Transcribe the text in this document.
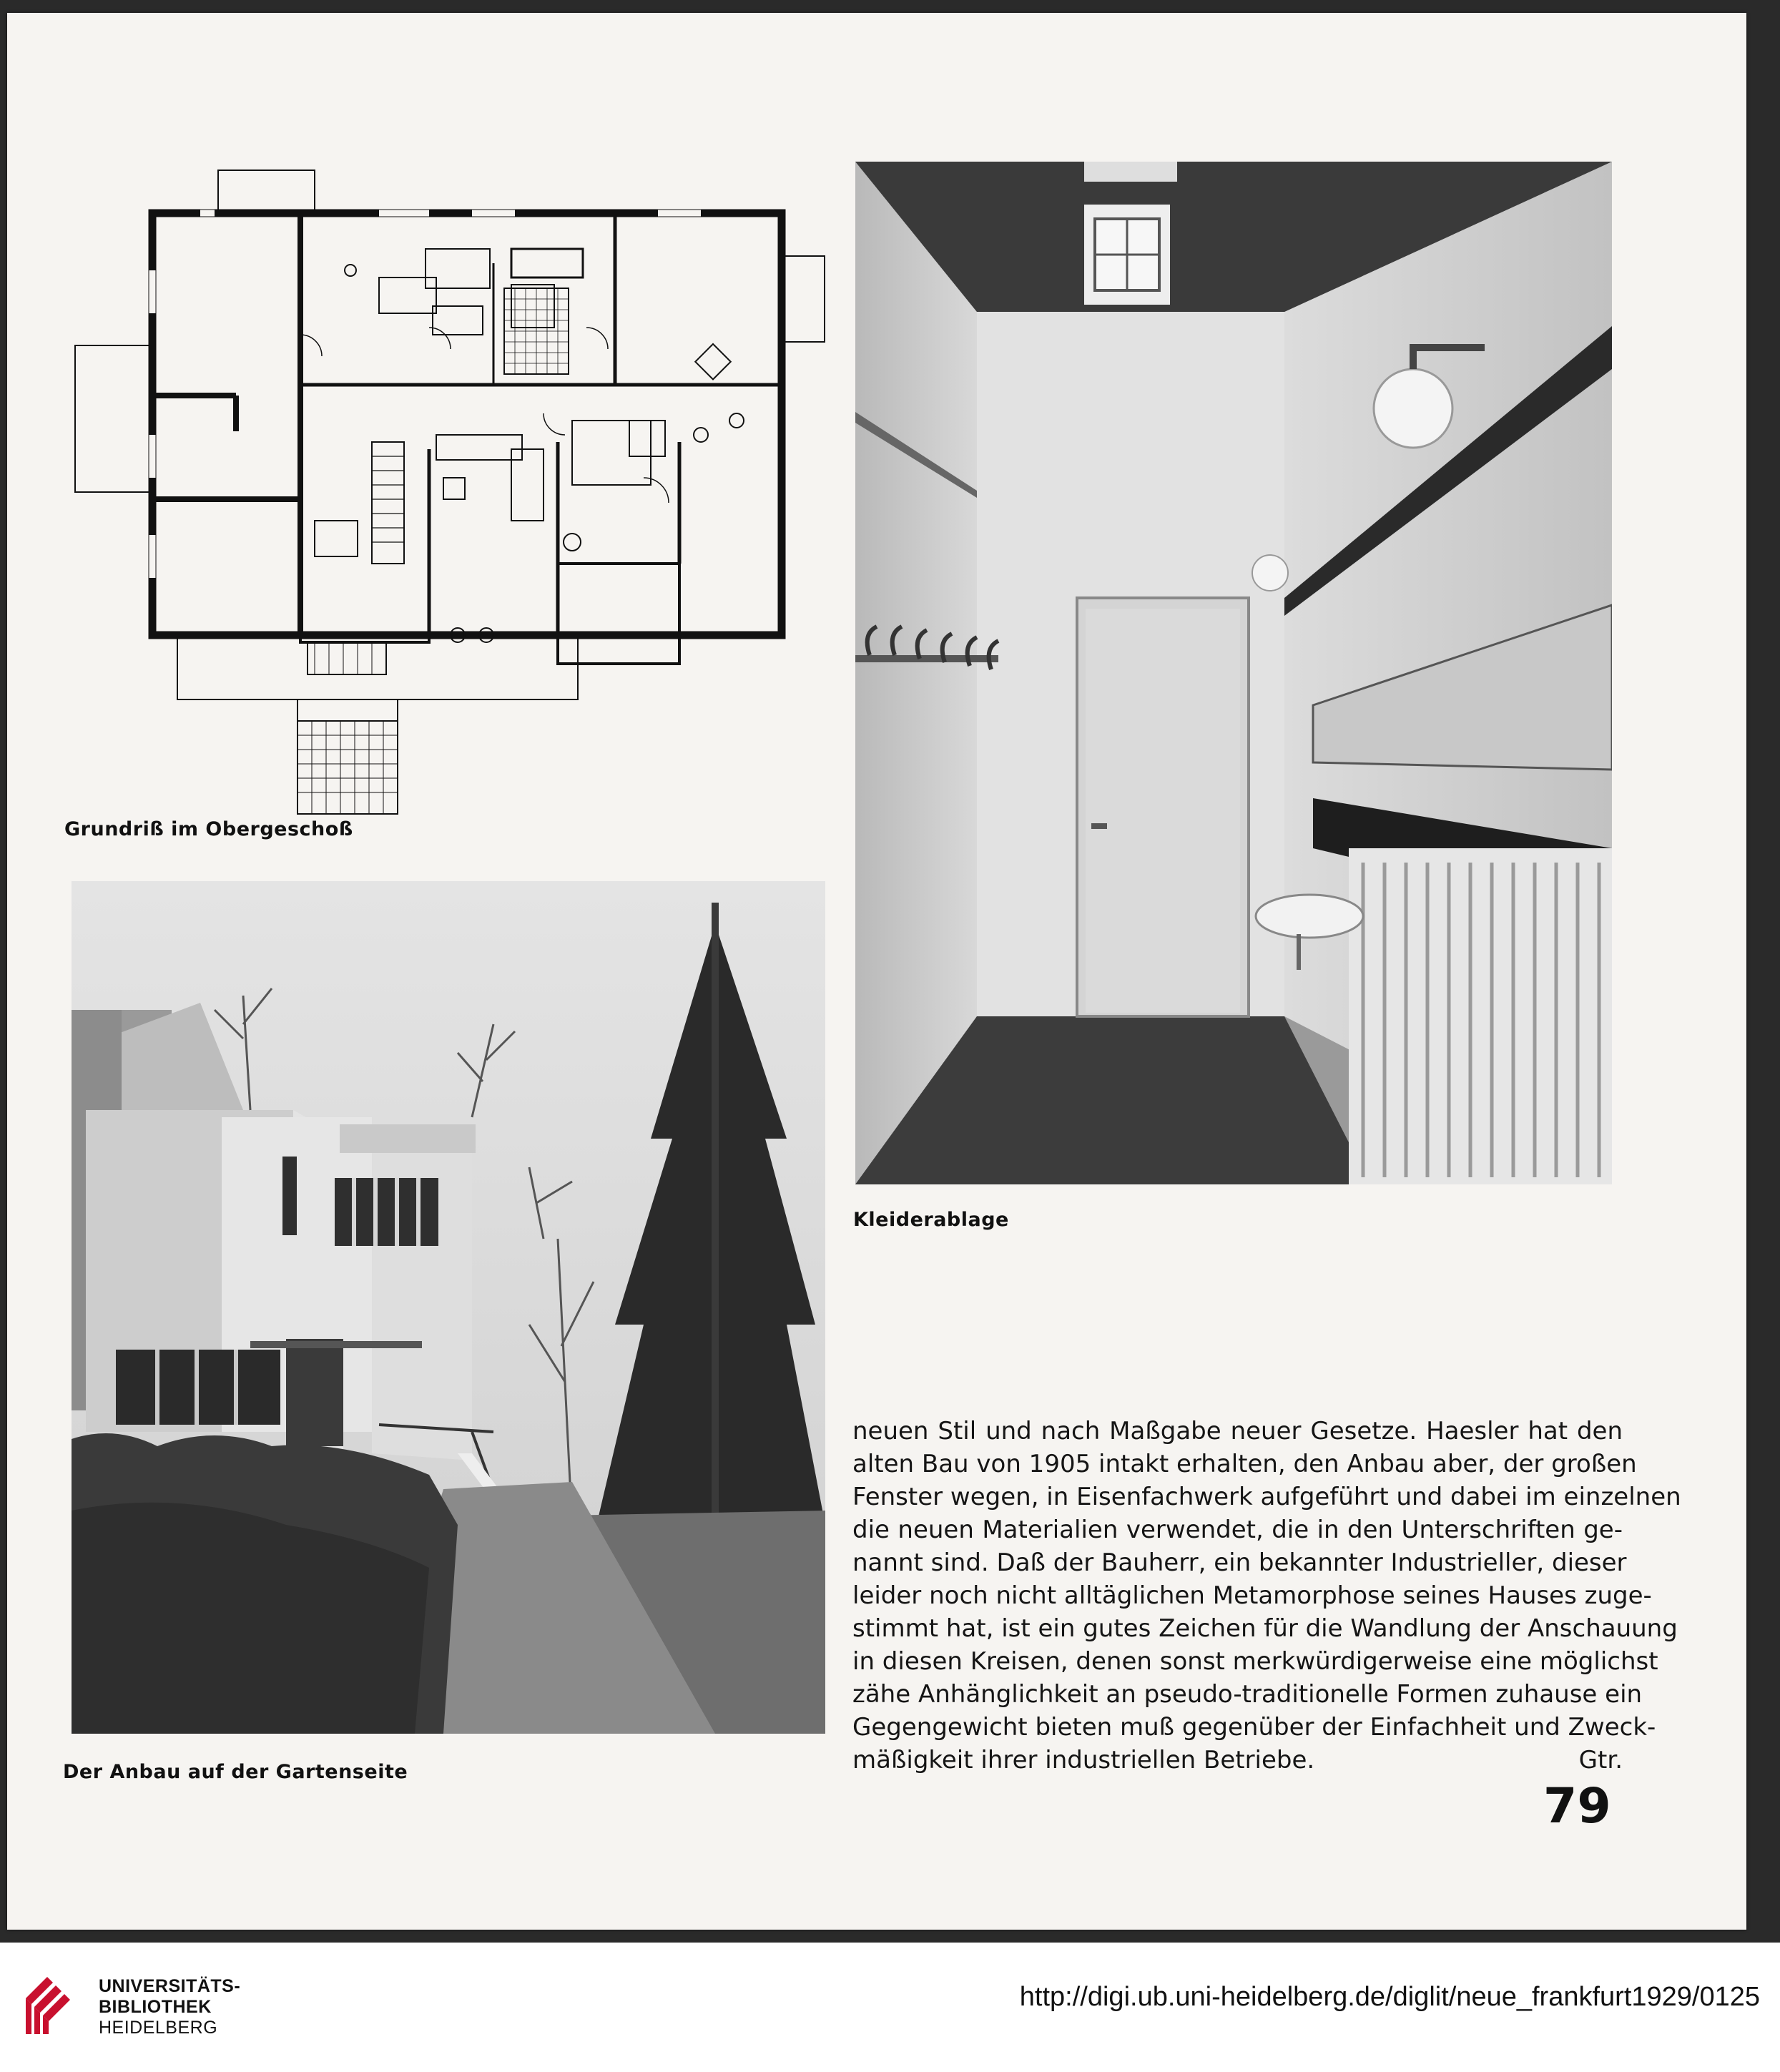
Grundriß im Obergeschoß
Kleiderablage
Der Anbau auf der Gartenseite
neuen Stil und nach Maßgabe neuer Gesetze. Haesler hat den
alten Bau von 1905 intakt erhalten, den Anbau aber, der großen
Fenster wegen, in Eisenfachwerk aufgeführt und dabei im einzelnen
die neuen Materialien verwendet, die in den Unterschriften ge-
nannt sind. Daß der Bauherr, ein bekannter Industrieller, dieser
leider noch nicht alltäglichen Metamorphose seines Hauses zuge-
stimmt hat, ist ein gutes Zeichen für die Wandlung der Anschauung
in diesen Kreisen, denen sonst merkwürdigerweise eine möglichst
zähe Anhänglichkeit an pseudo-traditionelle Formen zuhause ein
Gegengewicht bieten muß gegenüber der Einfachheit und Zweck-
mäßigkeit ihrer industriellen Betriebe.	Gtr.
79
UNIVERSITÄTS-
BIBLIOTHEK
HEIDELBERG
http://digi.ub.uni-heidelberg.de/diglit/neue_frankfurt1929/0125
